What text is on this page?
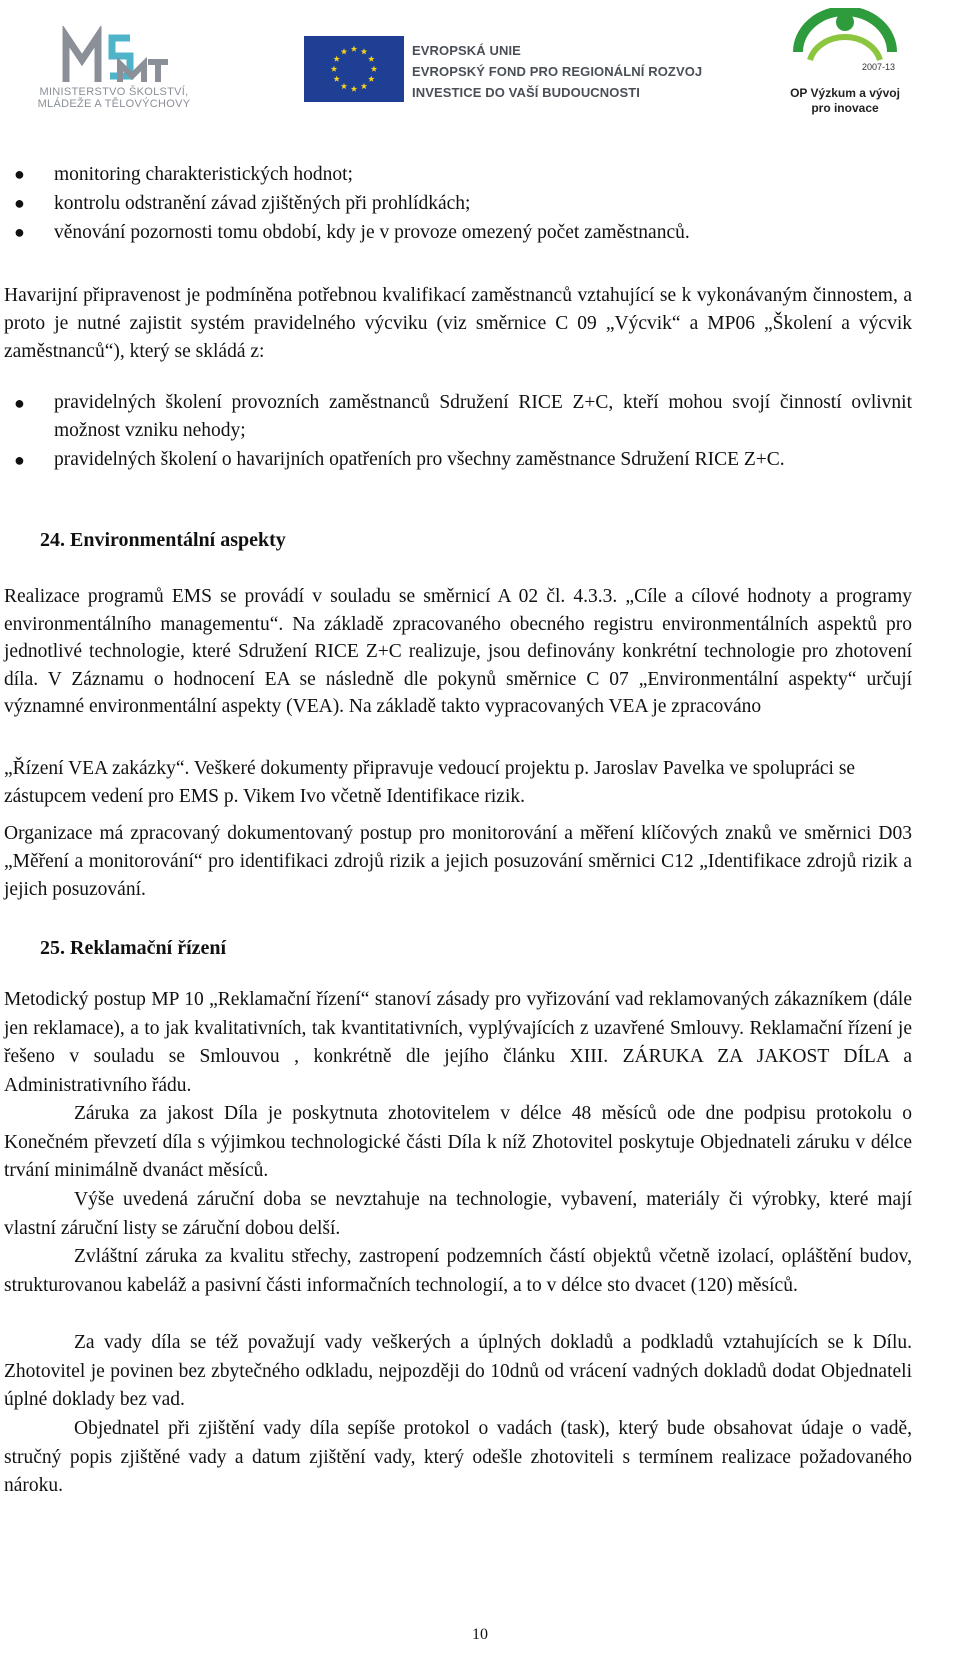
MINISTERSTVO ŠKOLSTVÍ,
MLÁDEŽE A TĚLOVÝCHOVY
EVROPSKÁ UNIE
EVROPSKÝ FOND PRO REGIONÁLNÍ ROZVOJ
INVESTICE DO VAŠÍ BUDOUCNOSTI
2007-13
OP Výzkum a vývoj
pro inovace
● monitoring charakteristických hodnot;
● kontrolu odstranění závad zjištěných při prohlídkách;
● věnování pozornosti tomu období, kdy je v provoze omezený počet zaměstnanců.
Havarijní připravenost je podmíněna potřebnou kvalifikací zaměstnanců vztahující se k vykonávaným činnostem, a proto je nutné zajistit systém pravidelného výcviku (viz směrnice C 09 „Výcvik“ a MP06 „Školení a výcvik zaměstnanců“), který se skládá z:
● pravidelných školení provozních zaměstnanců Sdružení RICE Z+C, kteří mohou svojí činností ovlivnit možnost vzniku nehody;
● pravidelných školení o havarijních opatřeních pro všechny zaměstnance Sdružení RICE Z+C.
24. Environmentální aspekty
Realizace programů EMS se provádí v souladu se směrnicí A 02 čl. 4.3.3. „Cíle a cílové hodnoty a programy environmentálního managementu“. Na základě zpracovaného obecného registru environmentálních aspektů pro jednotlivé technologie, které Sdružení RICE Z+C realizuje, jsou definovány konkrétní technologie pro zhotovení díla. V Záznamu o hodnocení EA se následně dle pokynů směrnice C 07 „Environmentální aspekty“ určují významné environmentální aspekty (VEA). Na základě takto vypracovaných VEA je zpracováno
„Řízení VEA zakázky“. Veškeré dokumenty připravuje vedoucí projektu p. Jaroslav Pavelka ve spolupráci se zástupcem vedení pro EMS p. Vikem Ivo včetně Identifikace rizik.
Organizace má zpracovaný dokumentovaný postup pro monitorování a měření klíčových znaků ve směrnici D03 „Měření a monitorování“ pro identifikaci zdrojů rizik a jejich posuzování směrnici C12 „Identifikace zdrojů rizik a jejich posuzování.
25. Reklamační řízení
Metodický postup MP 10 „Reklamační řízení“ stanoví zásady pro vyřizování vad reklamovaných zákazníkem (dále jen reklamace), a to jak kvalitativních, tak kvantitativních, vyplývajících z uzavřené Smlouvy. Reklamační řízení je řešeno v souladu se Smlouvou , konkrétně dle jejího článku XIII. ZÁRUKA ZA JAKOST DÍLA a Administrativního řádu.
Záruka za jakost Díla je poskytnuta zhotovitelem v délce 48 měsíců ode dne podpisu protokolu o Konečném převzetí díla s výjimkou technologické části Díla k níž Zhotovitel poskytuje Objednateli záruku v délce trvání minimálně dvanáct měsíců.
Výše uvedená záruční doba se nevztahuje na technologie, vybavení, materiály či výrobky, které mají vlastní záruční listy se záruční dobou delší.
Zvláštní záruka za kvalitu střechy, zastropení podzemních částí objektů včetně izolací, opláštění budov, strukturovanou kabeláž a pasivní části informačních technologií, a to v délce sto dvacet (120) měsíců.
Za vady díla se též považují vady veškerých a úplných dokladů a podkladů vztahujících se k Dílu. Zhotovitel je povinen bez zbytečného odkladu, nejpozději do 10dnů od vrácení vadných dokladů dodat Objednateli úplné doklady bez vad.
Objednatel při zjištění vady díla sepíše protokol o vadách (task), který bude obsahovat údaje o vadě, stručný popis zjištěné vady a datum zjištění vady, který odešle zhotoviteli s termínem realizace požadovaného nároku.
10
